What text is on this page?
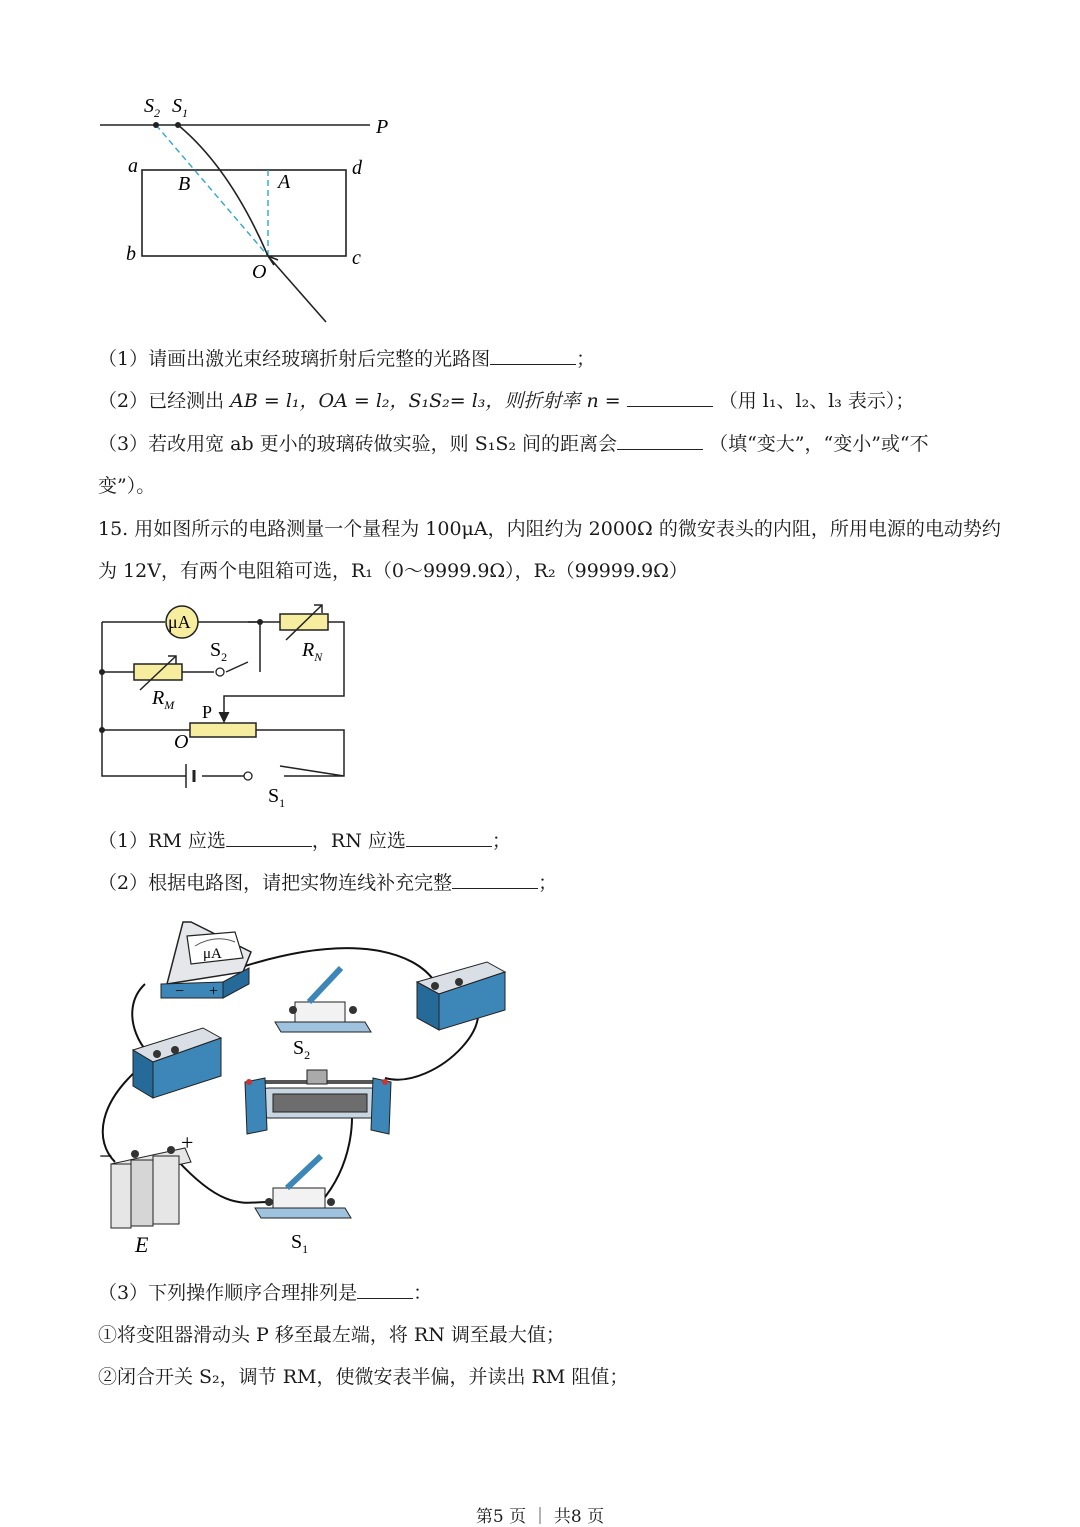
$S_2$ $S_1$
P
a	d
b	c
B	A
O
（1）请画出激光束经玻璃折射后完整的光路图	；
（2）已经测出 AB = l₁，OA = l₂，S₁S₂= l₃，则折射率 n =	（用 l₁、l₂、l₃ 表示）；
（3）若改用宽 ab 更小的玻璃砖做实验，则 S₁S₂ 间的距离会	（填“变大”，“变小”或“不
变”）。
15. 用如图所示的电路测量一个量程为 100μA，内阻约为 2000Ω 的微安表头的内阻，所用电源的电动势约
为 12V，有两个电阻箱可选，R₁（0～9999.9Ω），R₂（99999.9Ω）
μA
$S_2$	$R_N$
$R_M$ P
O
$S_1$
（1）RM 应选	，RN 应选	；
（2）根据电路图，请把实物连线补充完整	；
μA
− +
$S_2$
−
+
E	$S_1$
（3）下列操作顺序合理排列是	：
①将变阻器滑动头 P 移至最左端，将 RN 调至最大值；
②闭合开关 S₂，调节 RM，使微安表半偏，并读出 RM 阻值；
第5 页 ｜ 共8 页
